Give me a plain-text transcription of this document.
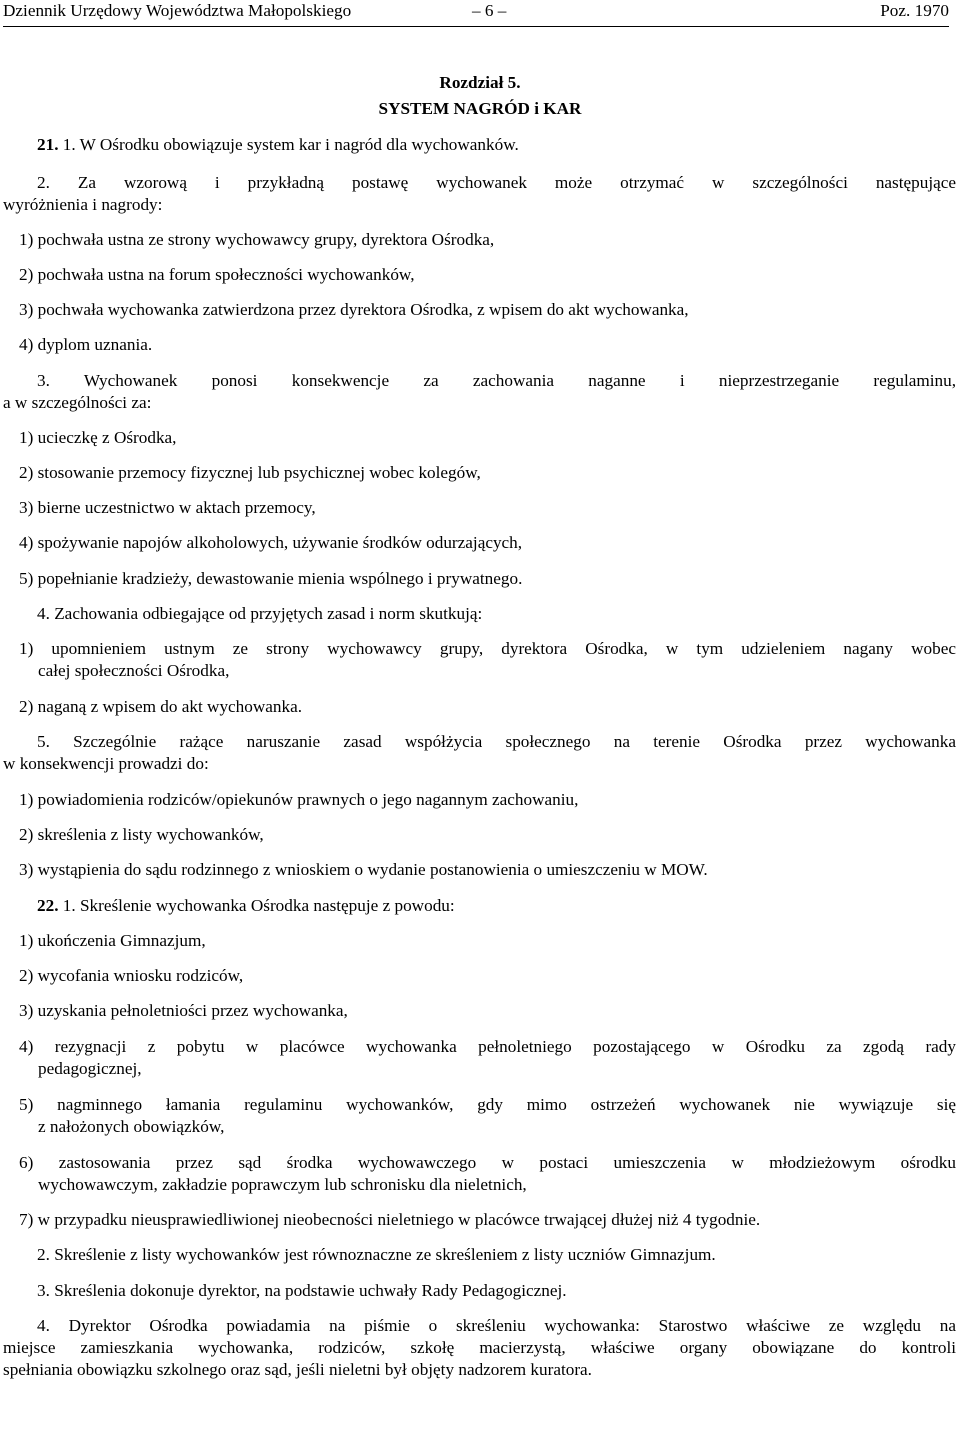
Dziennik Urzędowy Województwa Małopolskiego	– 6 –	Poz. 1970
Rozdział 5.
SYSTEM NAGRÓD i KAR
21. 1. W Ośrodku obowiązuje system kar i nagród dla wychowanków.
2. Za wzorową i przykładną postawę wychowanek może otrzymać w szczególności następujące
wyróżnienia i nagrody:
1) pochwała ustna ze strony wychowawcy grupy, dyrektora Ośrodka,
2) pochwała ustna na forum społeczności wychowanków,
3) pochwała wychowanka zatwierdzona przez dyrektora Ośrodka, z wpisem do akt wychowanka,
4) dyplom uznania.
3. Wychowanek ponosi konsekwencje za zachowania naganne i nieprzestrzeganie regulaminu,
a w szczególności za:
1) ucieczkę z Ośrodka,
2) stosowanie przemocy fizycznej lub psychicznej wobec kolegów,
3) bierne uczestnictwo w aktach przemocy,
4) spożywanie napojów alkoholowych, używanie środków odurzających,
5) popełnianie kradzieży, dewastowanie mienia wspólnego i prywatnego.
4. Zachowania odbiegające od przyjętych zasad i norm skutkują:
1) upomnieniem ustnym ze strony wychowawcy grupy, dyrektora Ośrodka, w tym udzieleniem nagany wobec
całej społeczności Ośrodka,
2) naganą z wpisem do akt wychowanka.
5. Szczególnie rażące naruszanie zasad współżycia społecznego na terenie Ośrodka przez wychowanka
w konsekwencji prowadzi do:
1) powiadomienia rodziców/opiekunów prawnych o jego nagannym zachowaniu,
2) skreślenia z listy wychowanków,
3) wystąpienia do sądu rodzinnego z wnioskiem o wydanie postanowienia o umieszczeniu w MOW.
22. 1. Skreślenie wychowanka Ośrodka następuje z powodu:
1) ukończenia Gimnazjum,
2) wycofania wniosku rodziców,
3) uzyskania pełnoletniości przez wychowanka,
4) rezygnacji z pobytu w placówce wychowanka pełnoletniego pozostającego w Ośrodku za zgodą rady
pedagogicznej,
5) nagminnego łamania regulaminu wychowanków, gdy mimo ostrzeżeń wychowanek nie wywiązuje się
z nałożonych obowiązków,
6) zastosowania przez sąd środka wychowawczego w postaci umieszczenia w młodzieżowym ośrodku
wychowawczym, zakładzie poprawczym lub schronisku dla nieletnich,
7) w przypadku nieusprawiedliwionej nieobecności nieletniego w placówce trwającej dłużej niż 4 tygodnie.
2. Skreślenie z listy wychowanków jest równoznaczne ze skreśleniem z listy uczniów Gimnazjum.
3. Skreślenia dokonuje dyrektor, na podstawie uchwały Rady Pedagogicznej.
4. Dyrektor Ośrodka powiadamia na piśmie o skreśleniu wychowanka: Starostwo właściwe ze względu na
miejsce zamieszkania wychowanka, rodziców, szkołę macierzystą, właściwe organy obowiązane do kontroli
spełniania obowiązku szkolnego oraz sąd, jeśli nieletni był objęty nadzorem kuratora.
